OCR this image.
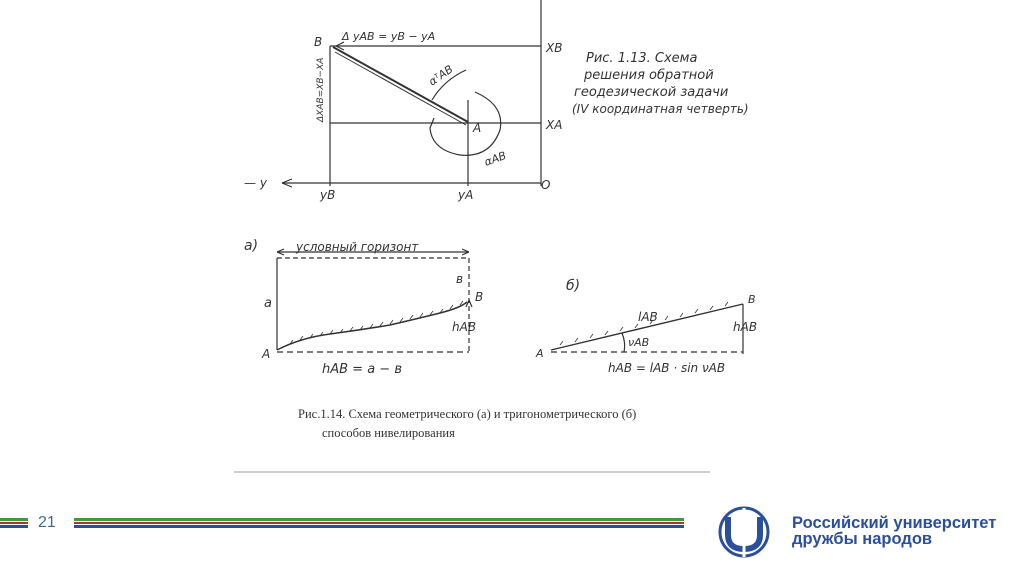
B
A
XB
XA
— y
yB	yA
O
Δ yAB = yB − yA
ΔXAB=XB−XA	αᵀAB
αAB
Рис. 1.13. Схема
решения обратной
геодезической задачи
(IV координатная четверть)
а)	условный горизонт
в
a	B
A
hAB
hAB = a − в
б)
A
B
lAB
νAB
hAB
hAB = lAB · sin νAB
Рис.1.14. Схема геометрического (а) и тригонометрического (б)
способов нивелирования
21	Российский университет
дружбы народов
